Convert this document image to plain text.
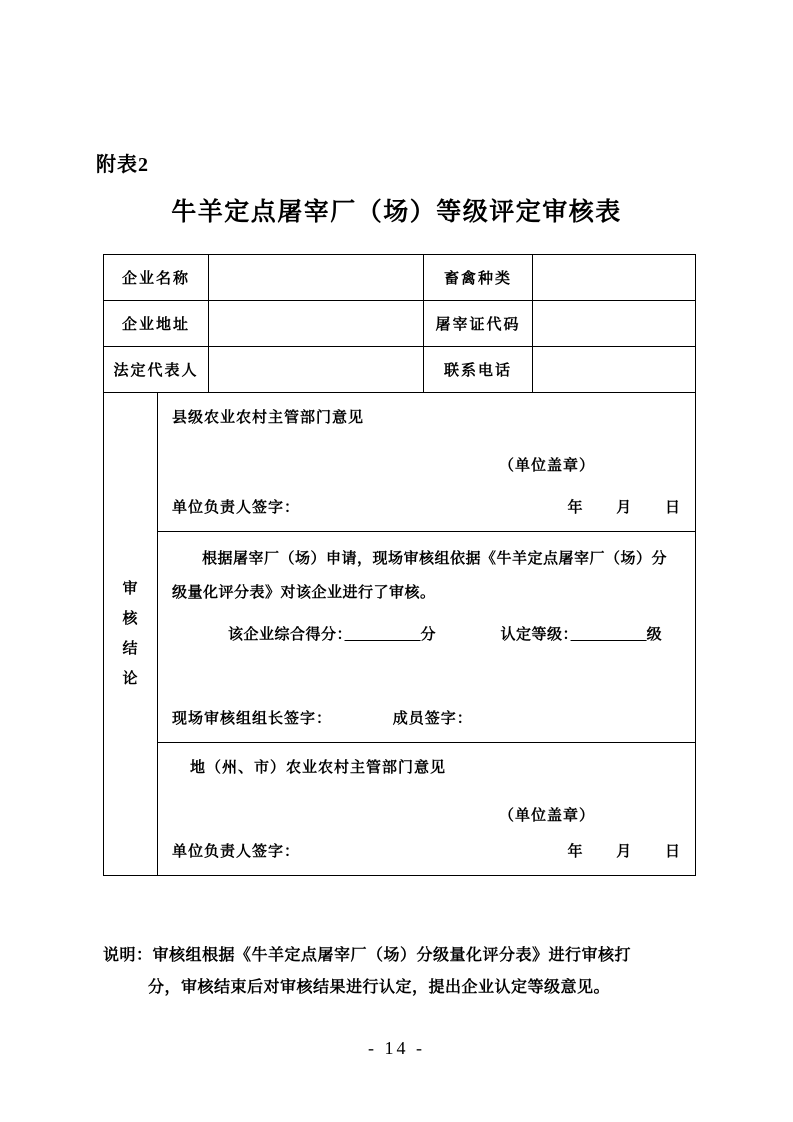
附表2
牛羊定点屠宰厂（场）等级评定审核表
企业名称			畜禽种类	
企业地址			屠宰证代码	
法定代表人			联系电话	

审
核
结
论

县级农业农村主管部门意见
（单位盖章）
单位负责人签字：	年 月 日

	根据屠宰厂（场）申请，现场审核组依据《牛羊定点屠宰厂（场）分级量化评分表》对该企业进行了审核。
该企业综合得分：　　　　 分 认定等级：　　　　 级
现场审核组组长签字： 成员签字：			

	地（州、市）农业农村主管部门意见
（单位盖章）
单位负责人签字： 年 月 日			
说明：审核组根据《牛羊定点屠宰厂（场）分级量化评分表》进行审核打
分，审核结束后对审核结果进行认定，提出企业认定等级意见。
- 14 -
